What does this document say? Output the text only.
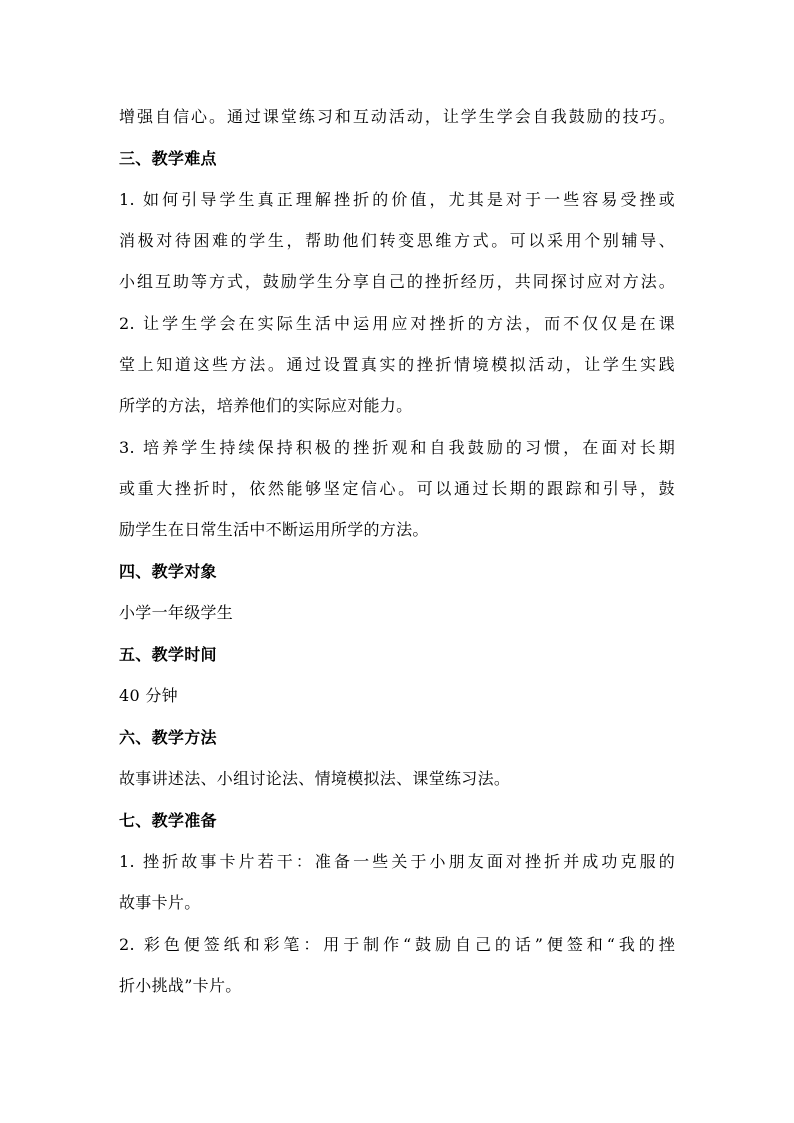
增强自信心。通过课堂练习和互动活动，让学生学会自我鼓励的技巧。
三、教学难点
1. 如何引导学生真正理解挫折的价值，尤其是对于一些容易受挫或
消极对待困难的学生，帮助他们转变思维方式。可以采用个别辅导、
小组互助等方式，鼓励学生分享自己的挫折经历，共同探讨应对方法。
2. 让学生学会在实际生活中运用应对挫折的方法，而不仅仅是在课
堂上知道这些方法。通过设置真实的挫折情境模拟活动，让学生实践
所学的方法，培养他们的实际应对能力。
3. 培养学生持续保持积极的挫折观和自我鼓励的习惯，在面对长期
或重大挫折时，依然能够坚定信心。可以通过长期的跟踪和引导，鼓
励学生在日常生活中不断运用所学的方法。
四、教学对象
小学一年级学生
五、教学时间
40 分钟
六、教学方法
故事讲述法、小组讨论法、情境模拟法、课堂练习法。
七、教学准备
1. 挫折故事卡片若干：准备一些关于小朋友面对挫折并成功克服的
故事卡片。
2. 彩色便签纸和彩笔：用于制作“鼓励自己的话”便签和“我的挫
折小挑战”卡片。
